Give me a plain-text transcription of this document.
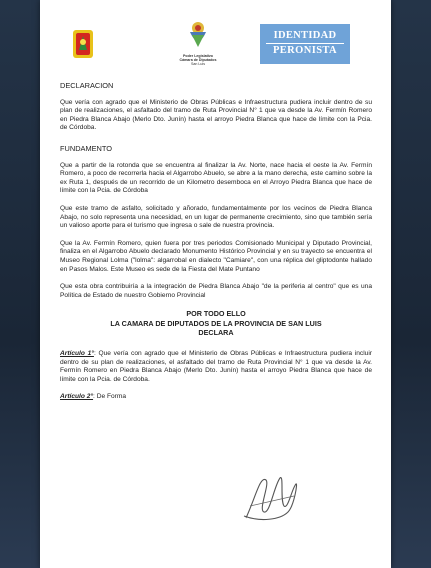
Poder Legislativo
Cámara de Diputados
San Luis
IDENTIDAD
PERONISTA
DECLARACION

Que vería con agrado que el Ministerio de Obras Públicas e Infraestructura pudiera incluir dentro de su plan de realizaciones, el asfaltado del tramo de Ruta Provincial N° 1 que va desde la Av. Fermín Romero en Piedra Blanca Abajo (Merlo Dto. Junín) hasta el arroyo Piedra Blanca que hace de límite con la Pcia. de Córdoba.

FUNDAMENTO

Que a partir de la rotonda que se encuentra al finalizar la Av. Norte, nace hacia el oeste la Av. Fermín Romero, a poco de recorrerla hacia el Algarrobo Abuelo, se abre a la mano derecha, este camino sobre la ex Ruta 1, después de un recorrido de un Kilometro desemboca en el Arroyo Piedra Blanca que hace de límite con la Pcia. de Córdoba

Que este tramo de asfalto, solicitado y añorado, fundamentalmente por los vecinos de Piedra Blanca Abajo, no solo representa una necesidad, en un lugar de permanente crecimiento, sino que también sería un valioso aporte para el turismo que ingresa o sale de nuestra provincia.

Que la Av. Fermín Romero, quien fuera por tres periodos Comisionado Municipal y Diputado Provincial, finaliza en el Algarrobo Abuelo declarado Monumento Histórico Provincial y en su trayecto se encuentra el Museo Regional Lolma ("lolma": algarrobal en dialecto "Camiare", con una réplica del gliptodonte hallado en Pasos Malos. Este Museo es sede de la Fiesta del Mate Puntano

Que esta obra contribuiría a la integración de Piedra Blanca Abajo "de la periferia al centro" que es una Política de Estado de nuestro Gobierno Provincial

POR TODO ELLO
LA CAMARA DE DIPUTADOS DE LA PROVINCIA DE SAN LUIS
DECLARA

Artículo 1°: Que vería con agrado que el Ministerio de Obras Públicas e Infraestructura pudiera incluir dentro de su plan de realizaciones, el asfaltado del tramo de Ruta Provincial N° 1 que va desde la Av. Fermín Romero en Piedra Blanca Abajo (Merlo Dto. Junín) hasta el arroyo Piedra Blanca que hace de límite con la Pcia. de Córdoba.

Artículo 2°: De Forma
